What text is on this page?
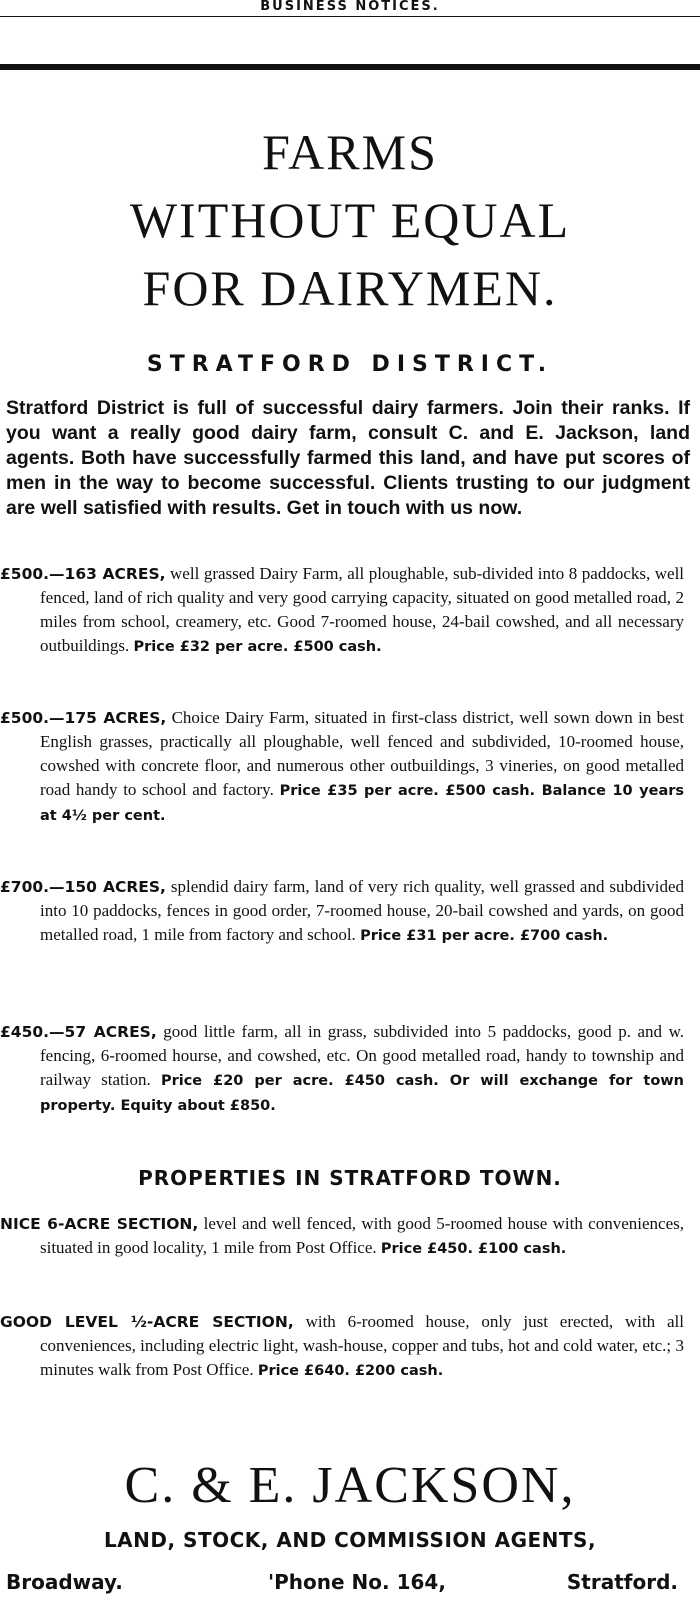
BUSINESS NOTICES.
FARMS
WITHOUT EQUAL
FOR DAIRYMEN.
STRATFORD DISTRICT.
Stratford District is full of successful dairy farmers. Join their ranks. If you want a really good dairy farm, consult C. and E. Jackson, land agents. Both have successfully farmed this land, and have put scores of men in the way to become successful. Clients trusting to our judgment are well satisfied with results. Get in touch with us now.
£500.—163 ACRES, well grassed Dairy Farm, all ploughable, sub-divided into 8 paddocks, well fenced, land of rich quality and very good carrying capacity, situated on good metalled road, 2 miles from school, creamery, etc. Good 7-roomed house, 24-bail cowshed, and all necessary outbuildings. Price £32 per acre. £500 cash.
£500.—175 ACRES, Choice Dairy Farm, situated in first-class district, well sown down in best English grasses, practically all ploughable, well fenced and subdivided, 10-roomed house, cowshed with concrete floor, and numerous other outbuildings, 3 vineries, on good metalled road handy to school and factory. Price £35 per acre. £500 cash. Balance 10 years at 4½ per cent.
£700.—150 ACRES, splendid dairy farm, land of very rich quality, well grassed and subdivided into 10 paddocks, fences in good order, 7-roomed house, 20-bail cowshed and yards, on good metalled road, 1 mile from factory and school. Price £31 per acre. £700 cash.
£450.—57 ACRES, good little farm, all in grass, subdivided into 5 paddocks, good p. and w. fencing, 6-roomed hourse, and cowshed, etc. On good metalled road, handy to township and railway station. Price £20 per acre. £450 cash. Or will exchange for town property. Equity about £850.
PROPERTIES IN STRATFORD TOWN.
NICE 6-ACRE SECTION, level and well fenced, with good 5-roomed house with conveniences, situated in good locality, 1 mile from Post Office. Price £450. £100 cash.
GOOD LEVEL ½-ACRE SECTION, with 6-roomed house, only just erected, with all conveniences, including electric light, wash-house, copper and tubs, hot and cold water, etc.; 3 minutes walk from Post Office. Price £640. £200 cash.
C. & E. JACKSON,
LAND, STOCK, AND COMMISSION AGENTS,
Broadway.	'Phone No. 164,	Stratford.
